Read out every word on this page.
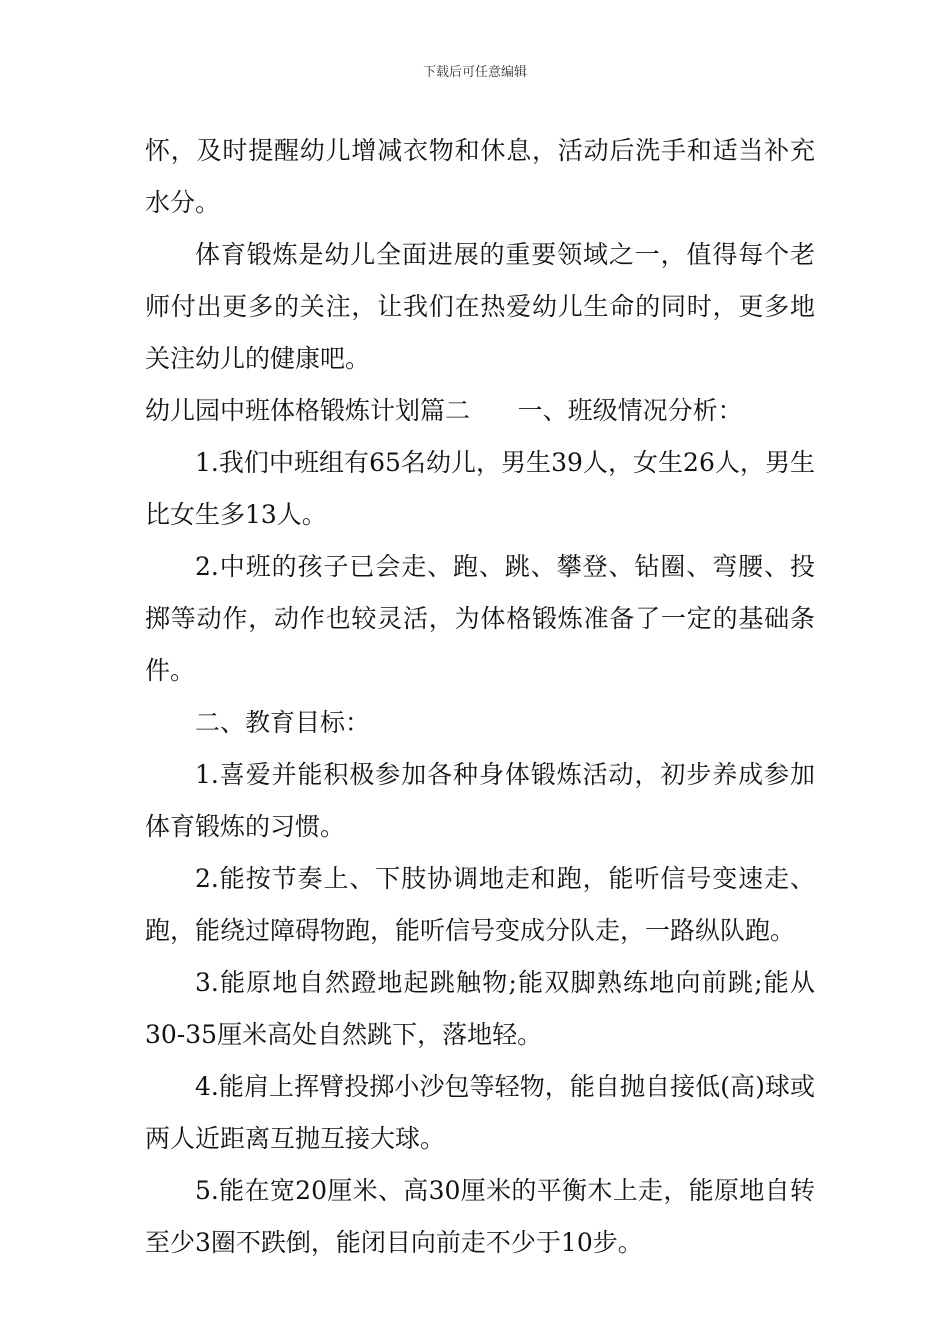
下载后可任意编辑

怀，及时提醒幼儿增减衣物和休息，活动后洗手和适当补充水分。

体育锻炼是幼儿全面进展的重要领域之一，值得每个老师付出更多的关注，让我们在热爱幼儿生命的同时，更多地关注幼儿的健康吧。

幼儿园中班体格锻炼计划篇二      一、班级情况分析：

1.我们中班组有65名幼儿，男生39人，女生26人，男生比女生多13人。

2.中班的孩子已会走、跑、跳、攀登、钻圈、弯腰、投掷等动作，动作也较灵活，为体格锻炼准备了一定的基础条件。

二、教育目标：

1.喜爱并能积极参加各种身体锻炼活动，初步养成参加体育锻炼的习惯。

2.能按节奏上、下肢协调地走和跑，能听信号变速走、跑，能绕过障碍物跑，能听信号变成分队走，一路纵队跑。

3.能原地自然蹬地起跳触物;能双脚熟练地向前跳;能从30-35厘米高处自然跳下，落地轻。

4.能肩上挥臂投掷小沙包等轻物，能自抛自接低(高)球或两人近距离互抛互接大球。

5.能在宽20厘米、高30厘米的平衡木上走，能原地自转至少3圈不跌倒，能闭目向前走不少于10步。
